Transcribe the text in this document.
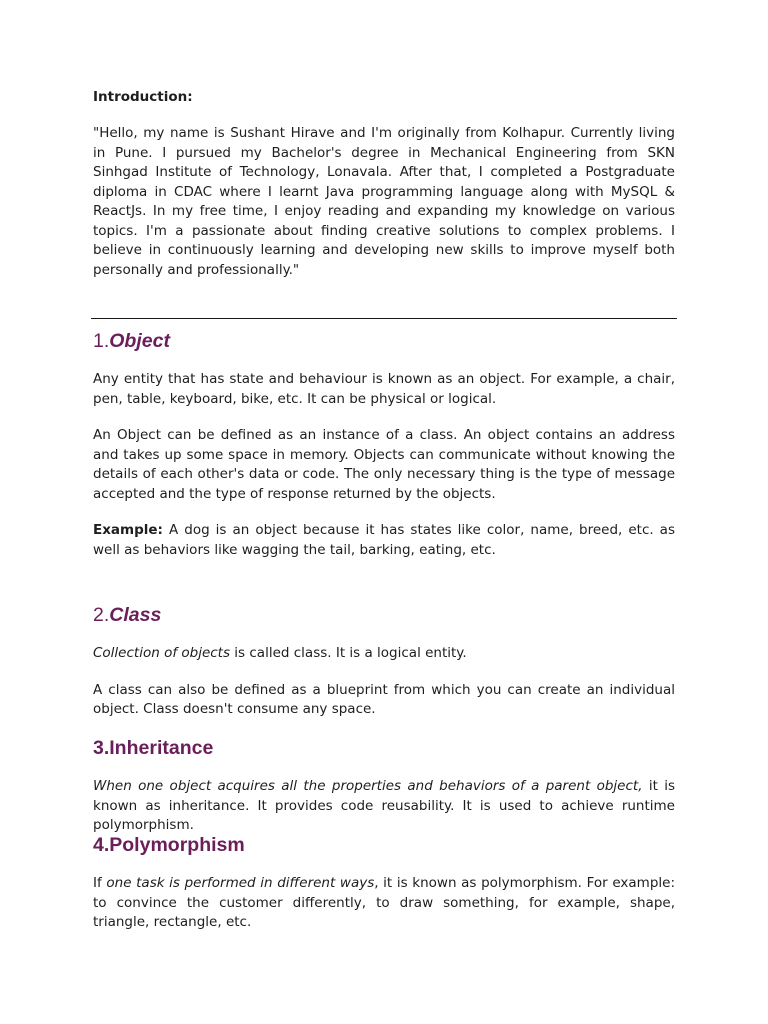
Introduction:

"Hello, my name is Sushant Hirave and I'm originally from Kolhapur. Currently living in Pune. I pursued my Bachelor's degree in Mechanical Engineering from SKN Sinhgad Institute of Technology, Lonavala. After that, I completed a Postgraduate diploma in CDAC where I learnt Java programming language along with MySQL & ReactJs. In my free time, I enjoy reading and expanding my knowledge on various topics. I'm a passionate about finding creative solutions to complex problems. I believe in continuously learning and developing new skills to improve myself both personally and professionally."

1.Object

Any entity that has state and behaviour is known as an object. For example, a chair, pen, table, keyboard, bike, etc. It can be physical or logical.

An Object can be defined as an instance of a class. An object contains an address and takes up some space in memory. Objects can communicate without knowing the details of each other's data or code. The only necessary thing is the type of message accepted and the type of response returned by the objects.

Example: A dog is an object because it has states like color, name, breed, etc. as well as behaviors like wagging the tail, barking, eating, etc.

2.Class

Collection of objects is called class. It is a logical entity.

A class can also be defined as a blueprint from which you can create an individual object. Class doesn't consume any space.

3.Inheritance

When one object acquires all the properties and behaviors of a parent object, it is known as inheritance. It provides code reusability. It is used to achieve runtime polymorphism.

4.Polymorphism

If one task is performed in different ways, it is known as polymorphism. For example: to convince the customer differently, to draw something, for example, shape, triangle, rectangle, etc.
